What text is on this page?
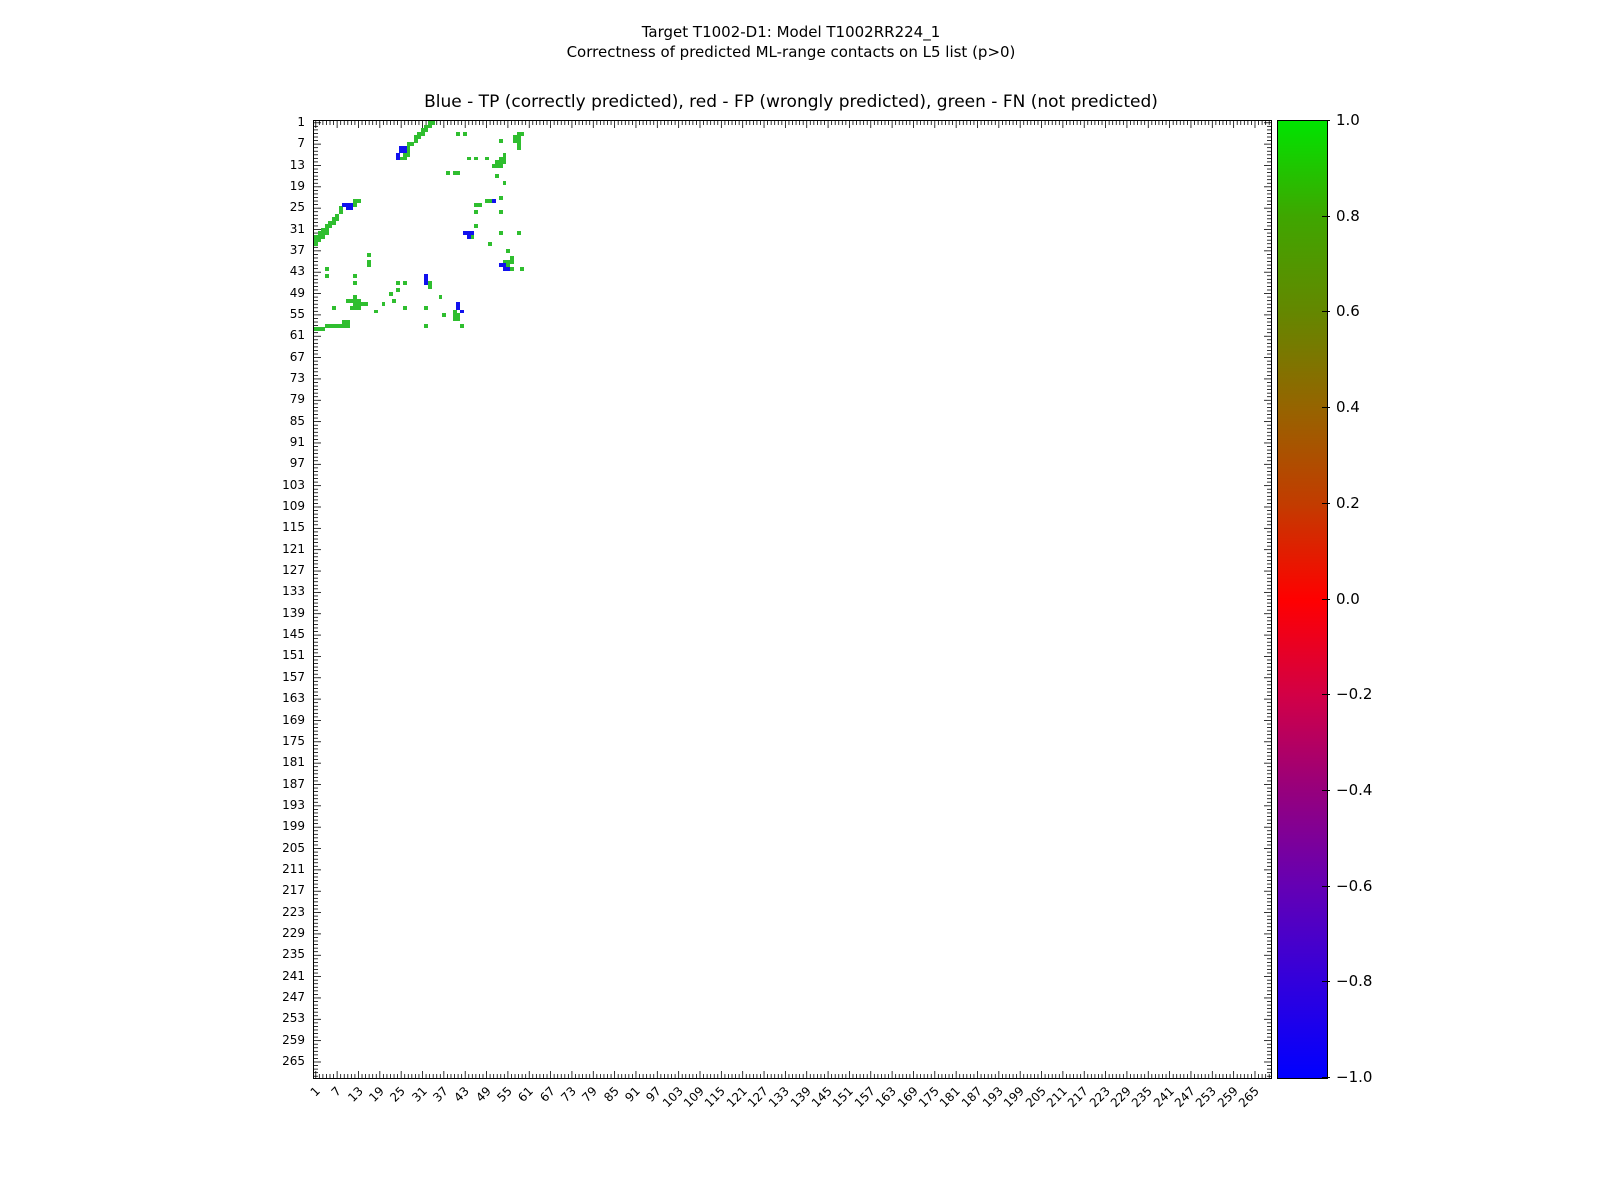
Target T1002-D1: Model T1002RR224_1
Correctness of predicted ML-range contacts on L5 list (p>0)
Blue - TP (correctly predicted), red - FP (wrongly predicted), green - FN (not predicted)
1
7
13
19
25
31
37
43
49
55
61
67
73
79
85
91
97
103
109
115
121
127
133
139
145
151
157
163
169
175
181
187
193
199
205
211
217
223
229
235
241
247
253
259
265
1 7 13 19 25 31 37 43 49 55 61 67 73 79 85 91 97
103
109
115
121
127
133
139
145
151
157
163
169
175
181
187
193
199
205
211
217
223
229
235
241
247
253
259
265
1.0
0.8
0.6
0.4
0.2
0.0
−0.2
−0.4
−0.6
−0.8
−1.0
